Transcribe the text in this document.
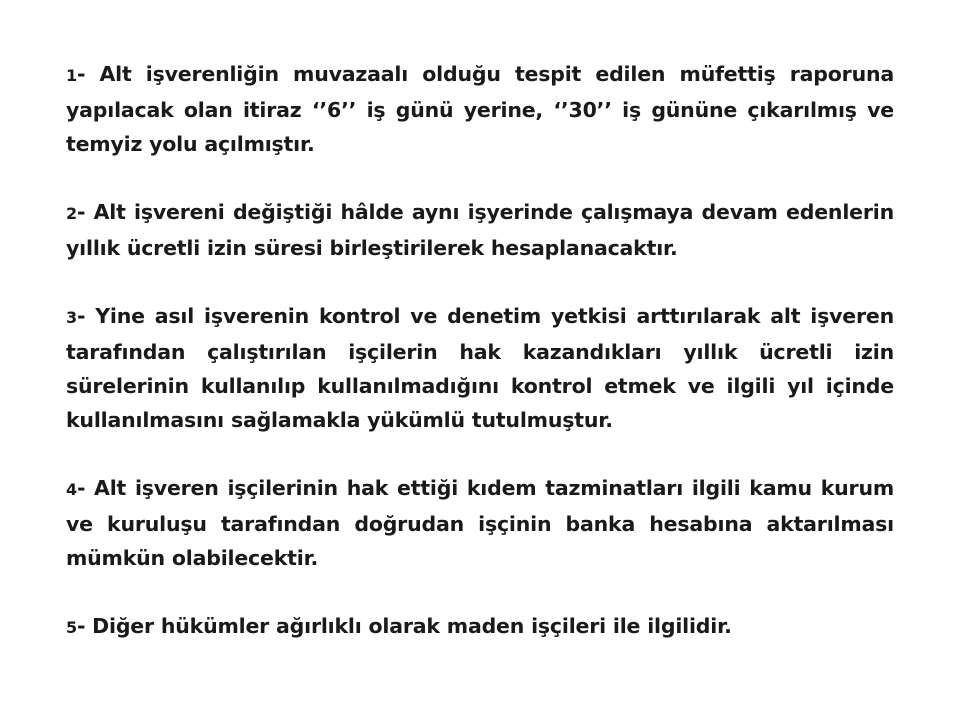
1- Alt işverenliğin muvazaalı olduğu tespit edilen müfettiş raporuna yapılacak olan itiraz ‘’6’’ iş günü yerine, ‘’30’’ iş gününe çıkarılmış ve temyiz yolu açılmıştır.

2- Alt işvereni değiştiği hâlde aynı işyerinde çalışmaya devam edenlerin yıllık ücretli izin süresi birleştirilerek hesaplanacaktır.

3- Yine asıl işverenin kontrol ve denetim yetkisi arttırılarak alt işveren tarafından çalıştırılan işçilerin hak kazandıkları yıllık ücretli izin sürelerinin kullanılıp kullanılmadığını kontrol etmek ve ilgili yıl içinde kullanılmasını sağlamakla yükümlü tutulmuştur.

4- Alt işveren işçilerinin hak ettiği kıdem tazminatları ilgili kamu kurum ve kuruluşu tarafından doğrudan işçinin banka hesabına aktarılması mümkün olabilecektir.

5- Diğer hükümler ağırlıklı olarak maden işçileri ile ilgilidir.
